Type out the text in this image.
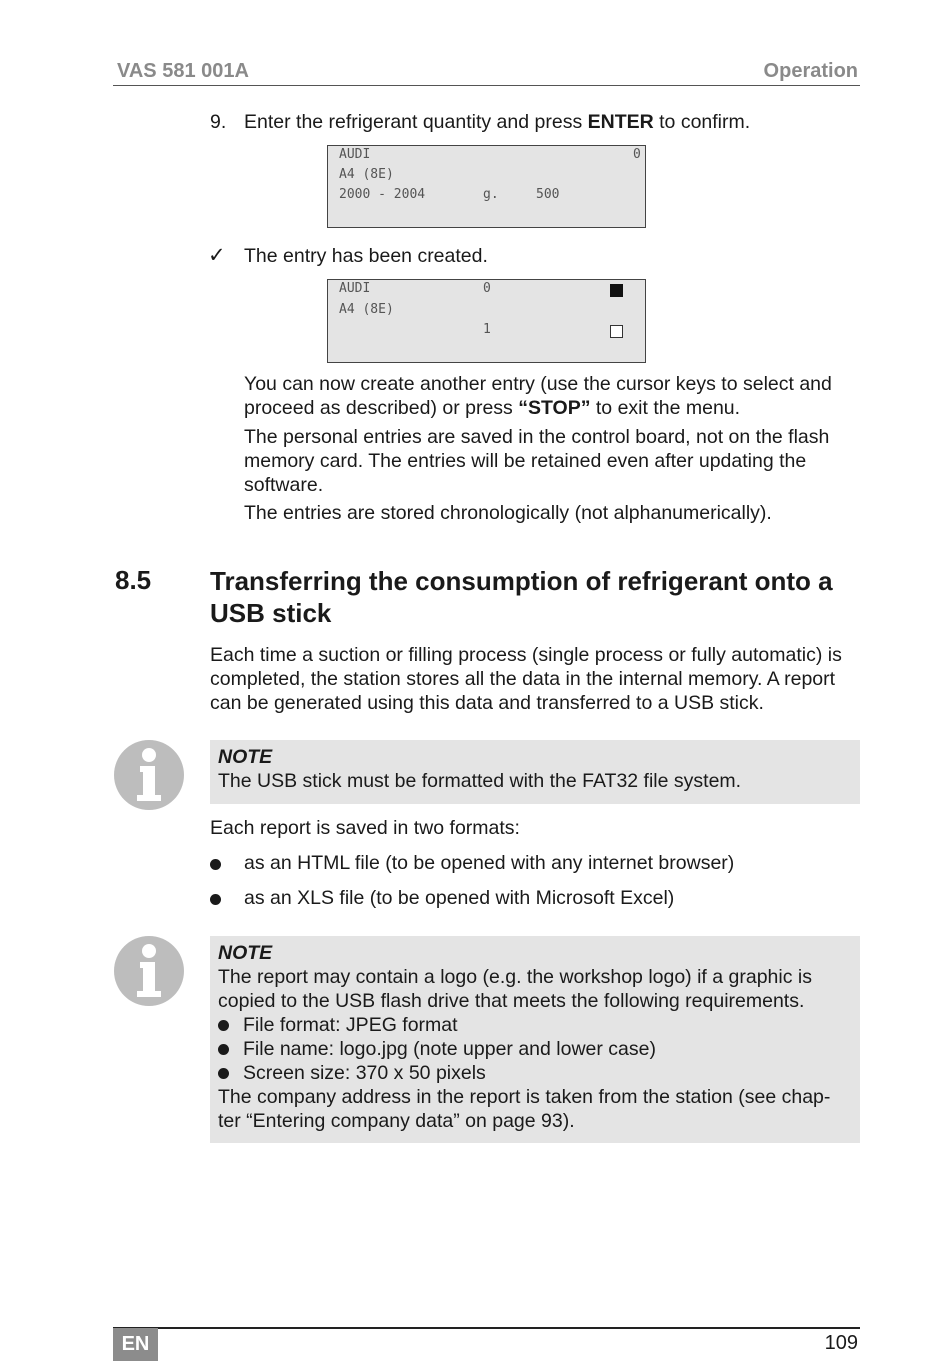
VAS 581 001A	Operation
9. Enter the refrigerant quantity and press ENTER to confirm.
AUDI	0
A4 (8E)
2000 - 2004	g.	500
✓ The entry has been created.
AUDI	0
A4 (8E)
1
You can now create another entry (use the cursor keys to select and proceed as described) or press “STOP” to exit the menu.
The personal entries are saved in the control board, not on the flash memory card. The entries will be retained even after updating the software.
The entries are stored chronologically (not alphanumerically).
8.5 Transferring the consumption of refrigerant onto a USB stick
Each time a suction or filling process (single process or fully automatic) is completed, the station stores all the data in the internal memory. A report can be generated using this data and transferred to a USB stick.
NOTE
The USB stick must be formatted with the FAT32 file system.
Each report is saved in two formats:
as an HTML file (to be opened with any internet browser)
as an XLS file (to be opened with Microsoft Excel)
NOTE
The report may contain a logo (e.g. the workshop logo) if a graphic is copied to the USB flash drive that meets the following requirements.
File format: JPEG format
File name: logo.jpg (note upper and lower case)
Screen size: 370 x 50 pixels
The company address in the report is taken from the station (see chap-
ter “Entering company data” on page 93).
EN	109
